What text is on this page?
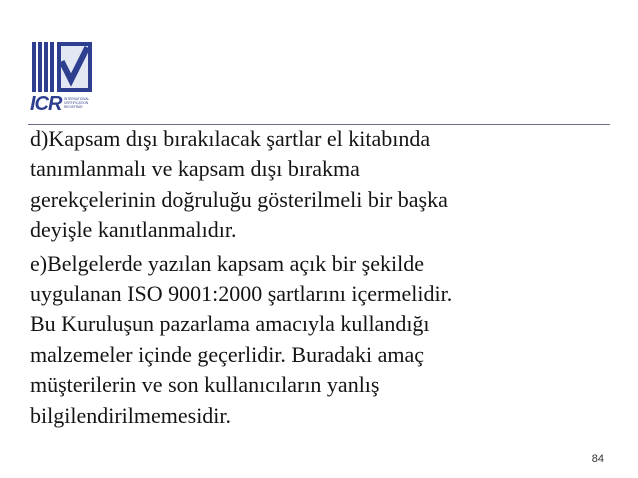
ICR INTERNATIONAL
CERTIFICATION
REGISTRAR

d)Kapsam dışı bırakılacak şartlar el kitabında
tanımlanmalı ve kapsam dışı bırakma
gerekçelerinin doğruluğu gösterilmeli bir başka
deyişle kanıtlanmalıdır.

e)Belgelerde yazılan kapsam açık bir şekilde
uygulanan ISO 9001:2000 şartlarını içermelidir.
Bu Kuruluşun pazarlama amacıyla kullandığı
malzemeler içinde geçerlidir. Buradaki amaç
müşterilerin ve son kullanıcıların yanlış
bilgilendirilmemesidir.

84
